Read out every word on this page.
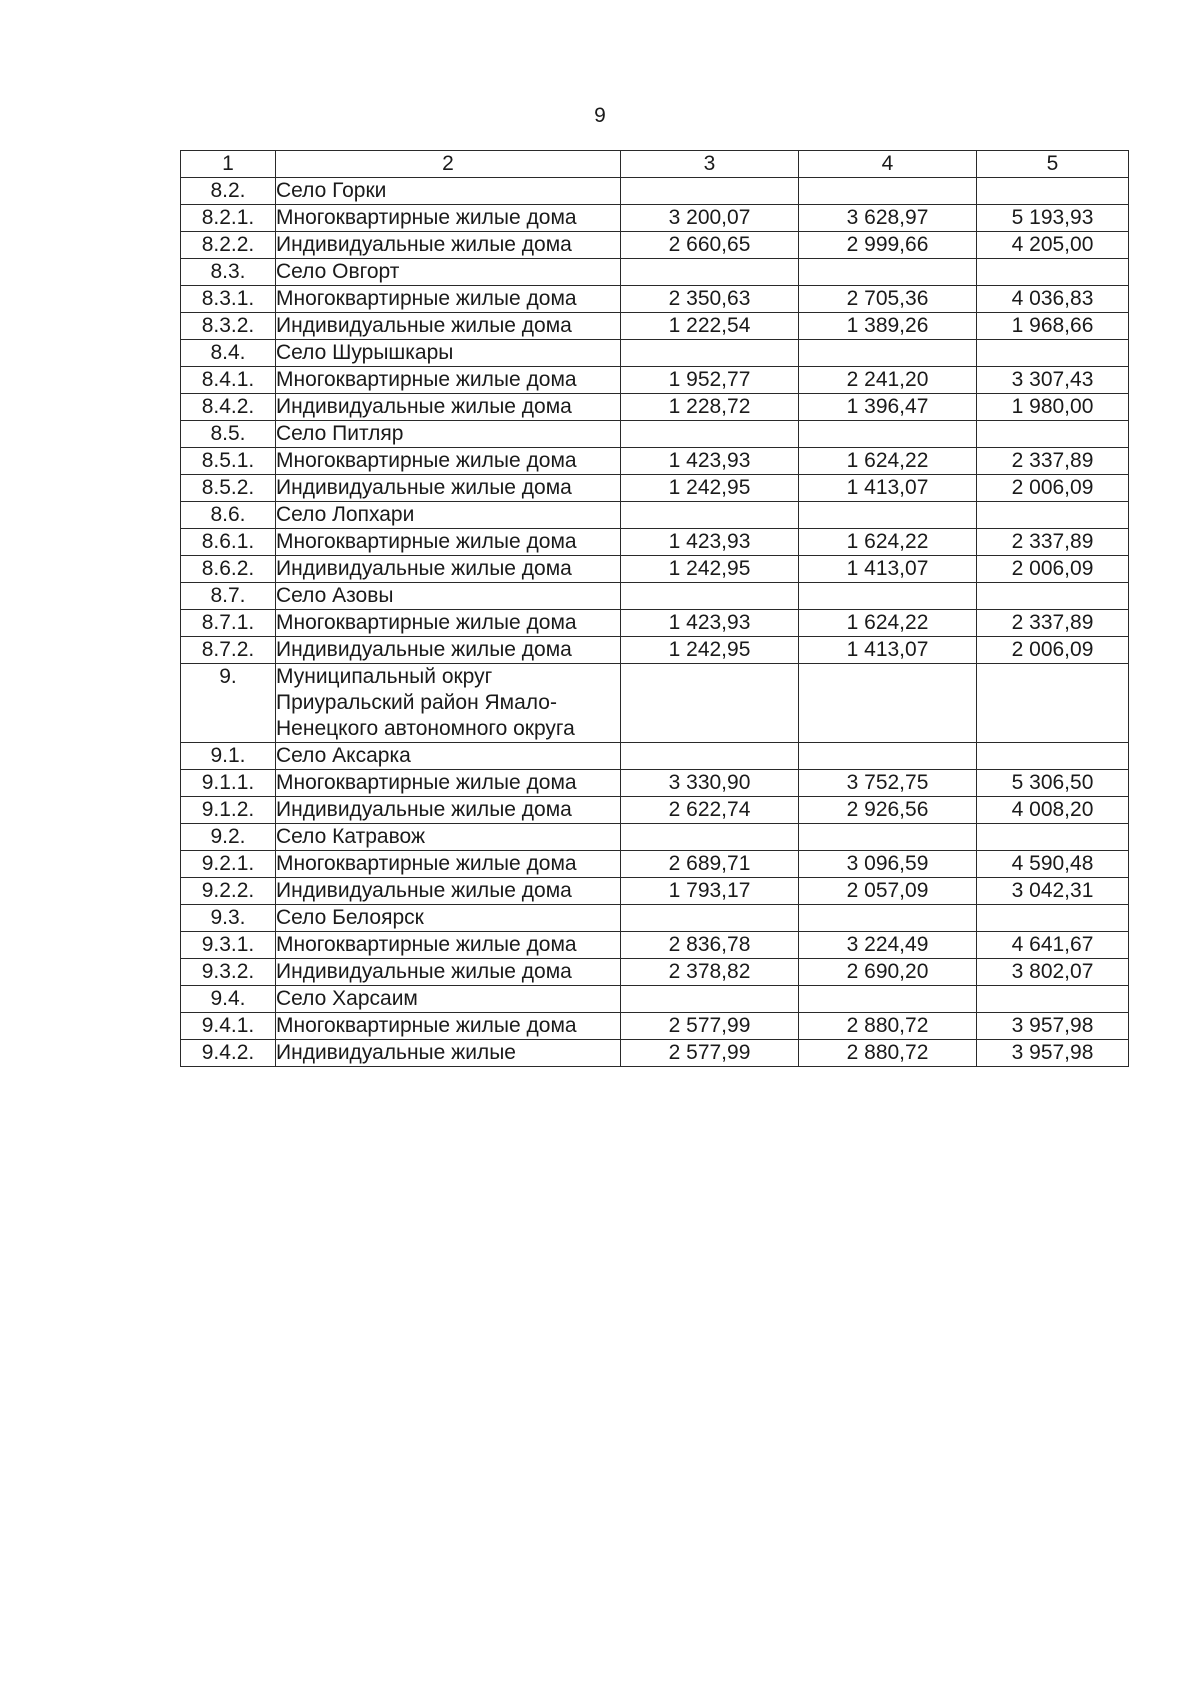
9
1	2	3	4	5
8.2.	Село Горки			
8.2.1.	Многоквартирные жилые дома	3 200,07	3 628,97	5 193,93
8.2.2.	Индивидуальные жилые дома	2 660,65	2 999,66	4 205,00
8.3.	Село Овгорт			
8.3.1.	Многоквартирные жилые дома	2 350,63	2 705,36	4 036,83
8.3.2.	Индивидуальные жилые дома	1 222,54	1 389,26	1 968,66
8.4.	Село Шурышкары			
8.4.1.	Многоквартирные жилые дома	1 952,77	2 241,20	3 307,43
8.4.2.	Индивидуальные жилые дома	1 228,72	1 396,47	1 980,00
8.5.	Село Питляр			
8.5.1.	Многоквартирные жилые дома	1 423,93	1 624,22	2 337,89
8.5.2.	Индивидуальные жилые дома	1 242,95	1 413,07	2 006,09
8.6.	Село Лопхари			
8.6.1.	Многоквартирные жилые дома	1 423,93	1 624,22	2 337,89
8.6.2.	Индивидуальные жилые дома	1 242,95	1 413,07	2 006,09
8.7.	Село Азовы			
8.7.1.	Многоквартирные жилые дома	1 423,93	1 624,22	2 337,89
8.7.2.	Индивидуальные жилые дома	1 242,95	1 413,07	2 006,09
9.	Муниципальный округ Приуральский район Ямало-Ненецкого автономного округа			
9.1.	Село Аксарка			
9.1.1.	Многоквартирные жилые дома	3 330,90	3 752,75	5 306,50
9.1.2.	Индивидуальные жилые дома	2 622,74	2 926,56	4 008,20
9.2.	Село Катравож			
9.2.1.	Многоквартирные жилые дома	2 689,71	3 096,59	4 590,48
9.2.2.	Индивидуальные жилые дома	1 793,17	2 057,09	3 042,31
9.3.	Село Белоярск			
9.3.1.	Многоквартирные жилые дома	2 836,78	3 224,49	4 641,67
9.3.2.	Индивидуальные жилые дома	2 378,82	2 690,20	3 802,07
9.4.	Село Харсаим			
9.4.1.	Многоквартирные жилые дома	2 577,99	2 880,72	3 957,98
9.4.2.	Индивидуальные жилые	2 577,99	2 880,72	3 957,98
